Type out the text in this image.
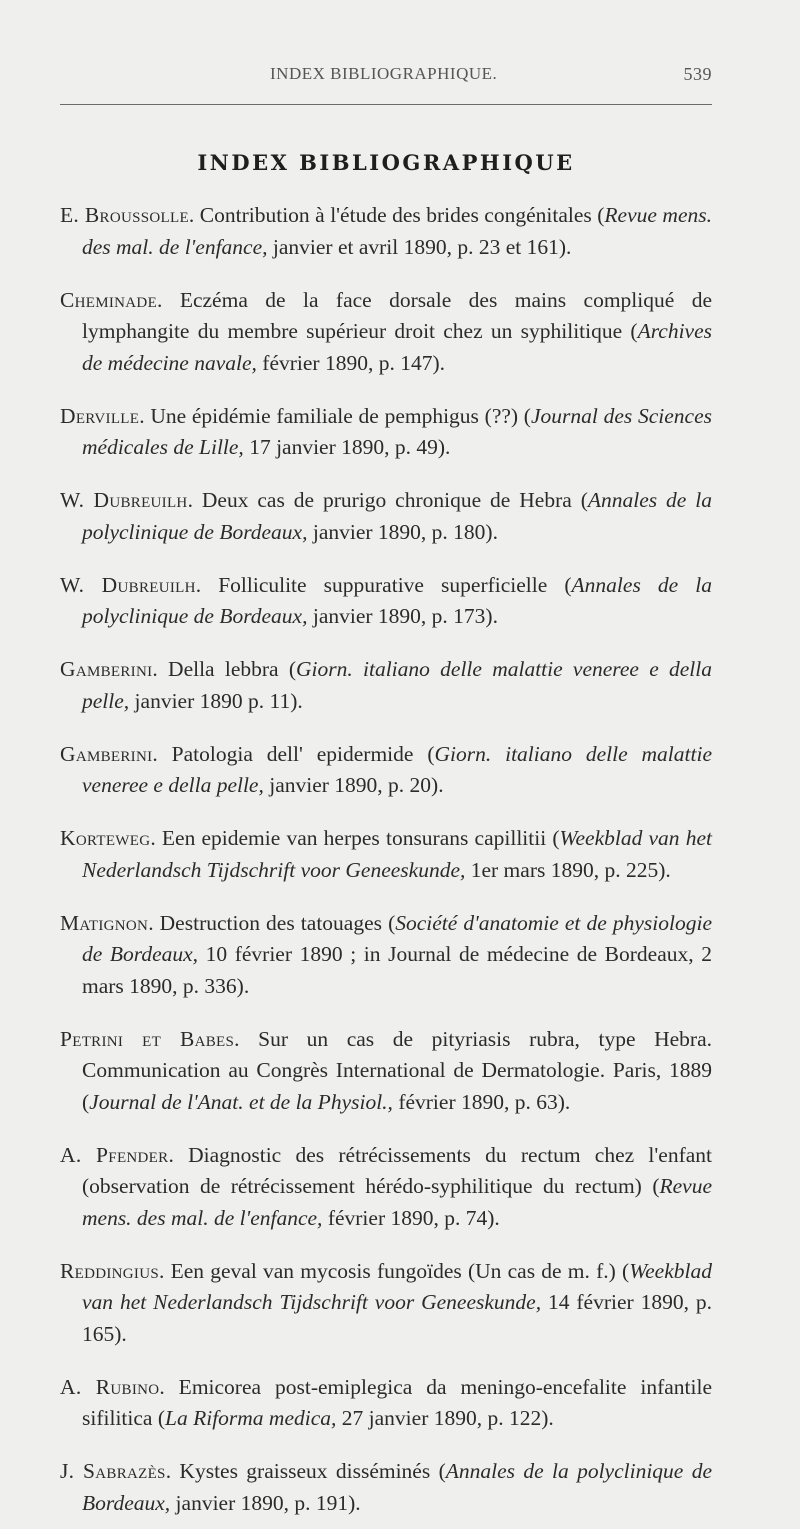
INDEX BIBLIOGRAPHIQUE.	539
INDEX BIBLIOGRAPHIQUE

E. Broussolle. Contribution à l'étude des brides congénitales (Revue mens. des mal. de l'enfance, janvier et avril 1890, p. 23 et 161).

Cheminade. Eczéma de la face dorsale des mains compliqué de lymphangite du membre supérieur droit chez un syphilitique (Archives de médecine navale, février 1890, p. 147).

Derville. Une épidémie familiale de pemphigus (??) (Journal des Sciences médicales de Lille, 17 janvier 1890, p. 49).

W. Dubreuilh. Deux cas de prurigo chronique de Hebra (Annales de la polyclinique de Bordeaux, janvier 1890, p. 180).

W. Dubreuilh. Folliculite suppurative superficielle (Annales de la polyclinique de Bordeaux, janvier 1890, p. 173).

Gamberini. Della lebbra (Giorn. italiano delle malattie veneree e della pelle, janvier 1890 p. 11).

Gamberini. Patologia dell' epidermide (Giorn. italiano delle malattie veneree e della pelle, janvier 1890, p. 20).

Korteweg. Een epidemie van herpes tonsurans capillitii (Weekblad van het Nederlandsch Tijdschrift voor Geneeskunde, 1er mars 1890, p. 225).

Matignon. Destruction des tatouages (Société d'anatomie et de physiologie de Bordeaux, 10 février 1890 ; in Journal de médecine de Bordeaux, 2 mars 1890, p. 336).

Petrini et Babes. Sur un cas de pityriasis rubra, type Hebra. Communication au Congrès International de Dermatologie. Paris, 1889 (Journal de l'Anat. et de la Physiol., février 1890, p. 63).

A. Pfender. Diagnostic des rétrécissements du rectum chez l'enfant (observation de rétrécissement hérédo-syphilitique du rectum) (Revue mens. des mal. de l'enfance, février 1890, p. 74).

Reddingius. Een geval van mycosis fungoïdes (Un cas de m. f.) (Weekblad van het Nederlandsch Tijdschrift voor Geneeskunde, 14 février 1890, p. 165).

A. Rubino. Emicorea post-emiplegica da meningo-encefalite infantile sifilitica (La Riforma medica, 27 janvier 1890, p. 122).

J. Sabrazès. Kystes graisseux disséminés (Annales de la polyclinique de Bordeaux, janvier 1890, p. 191).
